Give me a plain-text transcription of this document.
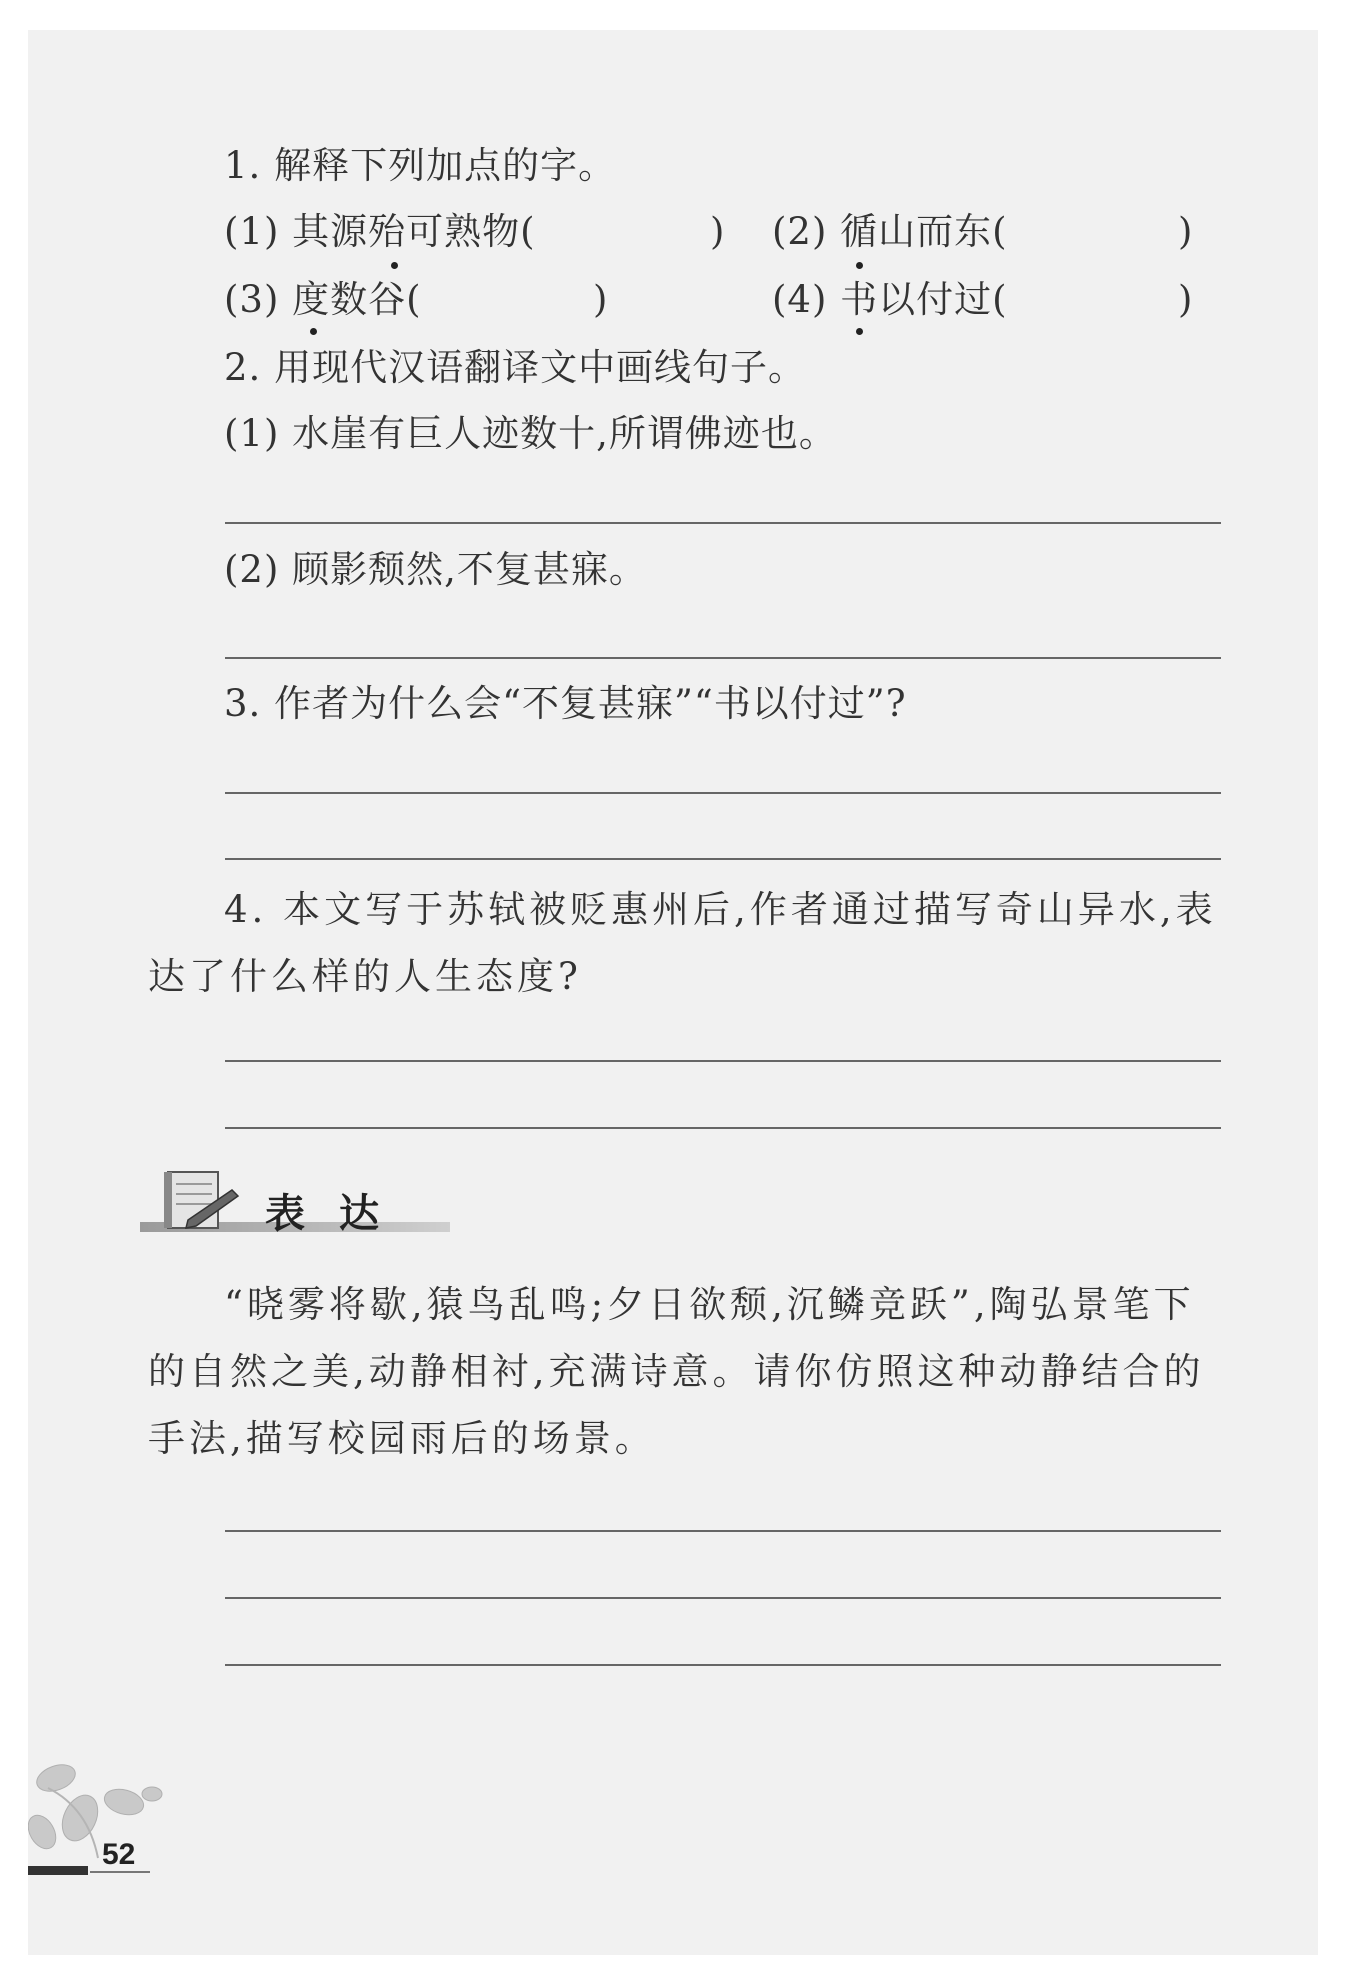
1. 解释下列加点的字。
(1) 其源殆可熟物(	) (2) 循山而东(	)
(3) 度数谷(	)	(4) 书以付过(	)
2. 用现代汉语翻译文中画线句子。
(1) 水崖有巨人迹数十,所谓佛迹也。
(2) 顾影颓然,不复甚寐。
3. 作者为什么会“不复甚寐”“书以付过”?
4. 本文写于苏轼被贬惠州后,作者通过描写奇山异水,表达了什么样的人生态度?
表达
“晓雾将歇,猿鸟乱鸣;夕日欲颓,沉鳞竞跃”,陶弘景笔下的自然之美,动静相衬,充满诗意。请你仿照这种动静结合的手法,描写校园雨后的场景。
52
